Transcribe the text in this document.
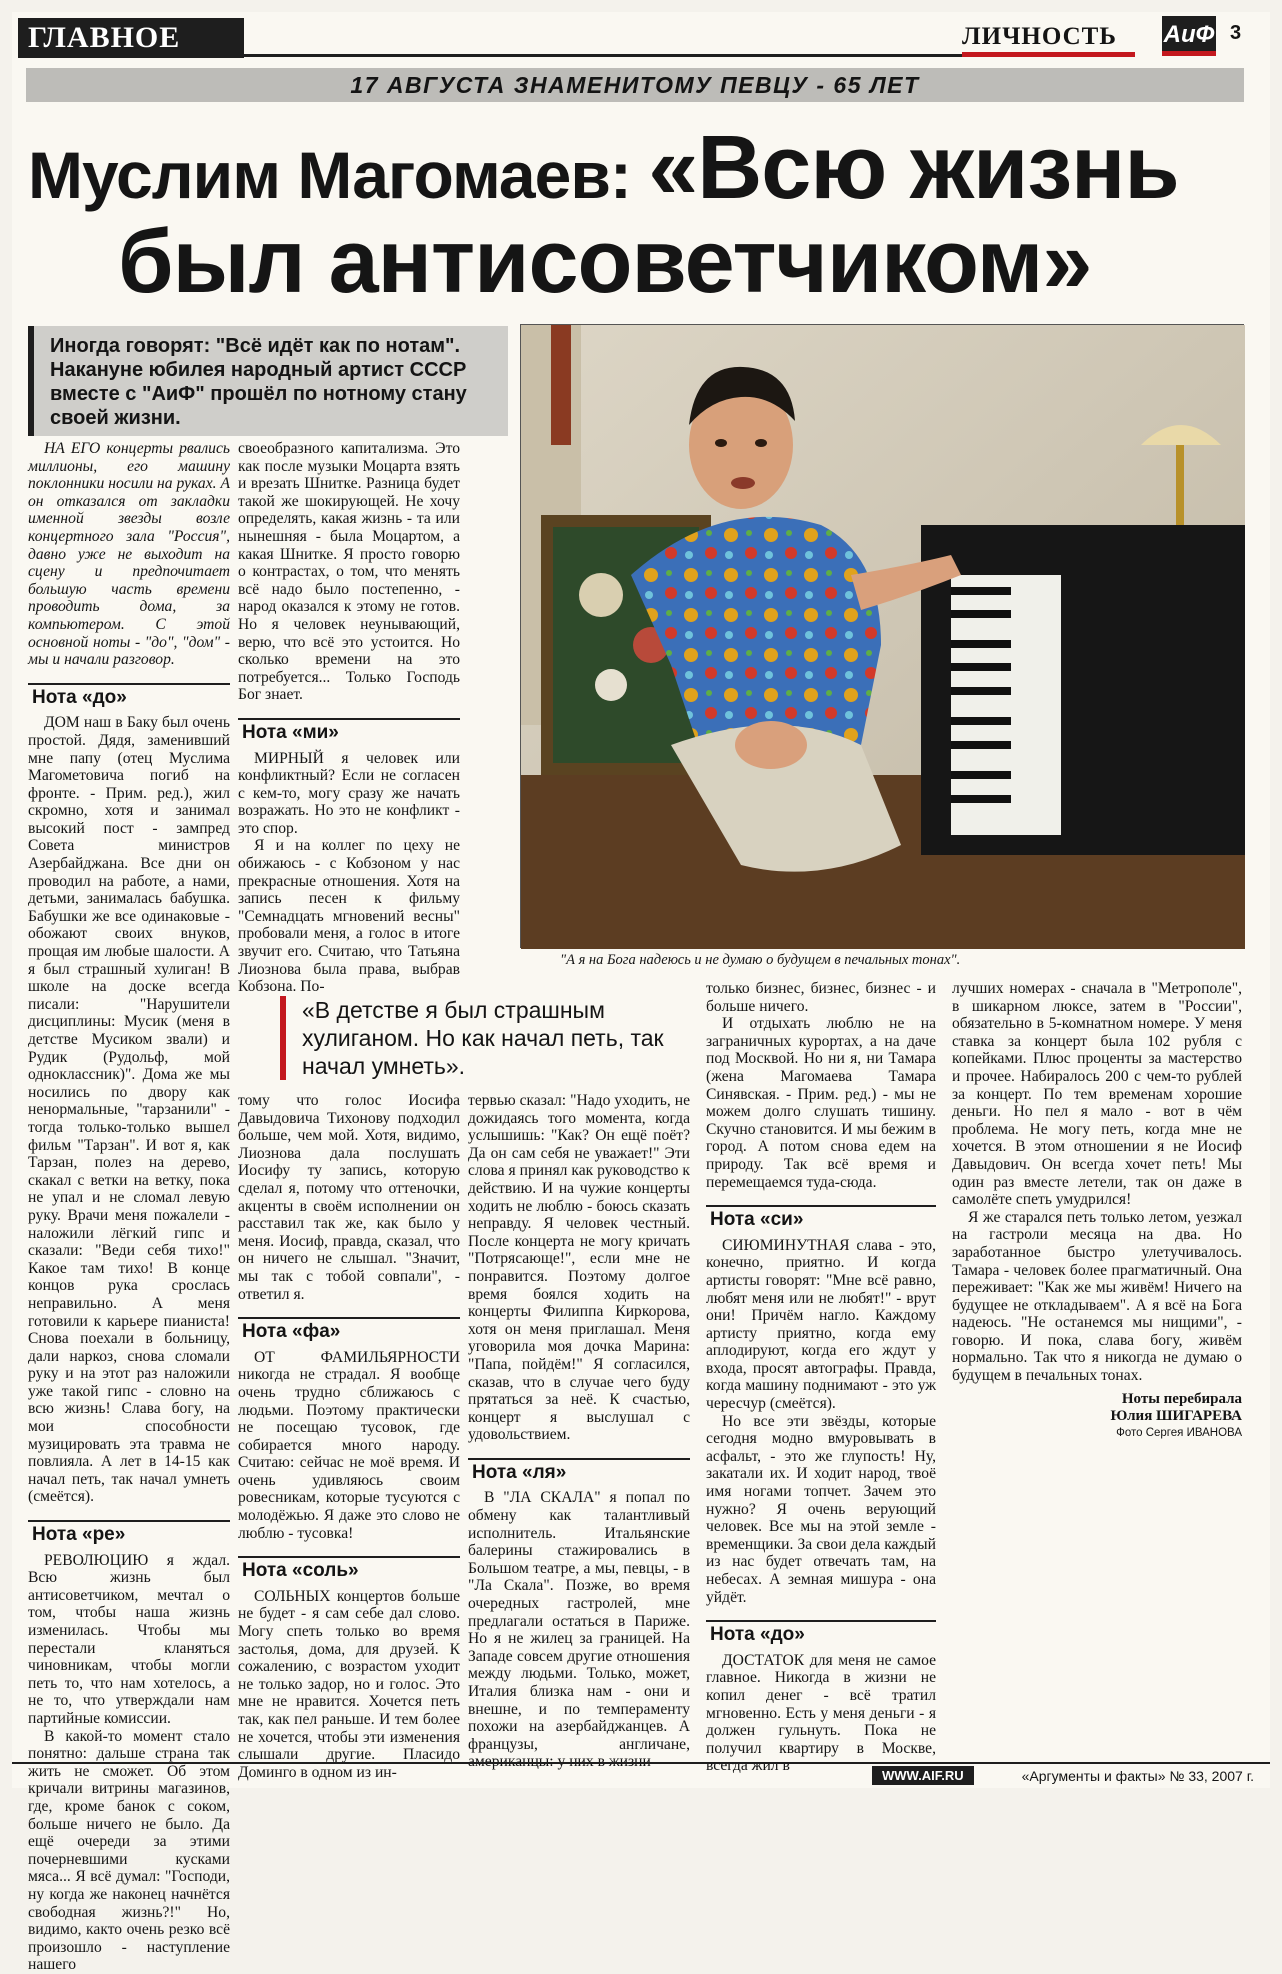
ГЛАВНОЕ	ЛИЧНОСТЬ	АиФ 3
17 АВГУСТА ЗНАМЕНИТОМУ ПЕВЦУ - 65 ЛЕТ
Муслим Магомаев: «Всю жизнь
был антисоветчиком»
Иногда говорят: "Всё идёт как по нотам". Накануне юбилея народный артист СССР вместе с "АиФ" прошёл по нотному стану своей жизни.
"А я на Бога надеюсь и не думаю о будущем в печальных тонах".

НА ЕГО концерты рвались миллионы, его машину поклонники носили на руках. А он отказался от закладки именной звезды возле концертного зала "Россия", давно уже не выходит на сцену и предпочитает большую часть времени проводить дома, за компьютером. С этой основной ноты - "до", "дом" - мы и начали разговор.

Нота «до»

ДОМ наш в Баку был очень простой. Дядя, заменивший мне папу (отец Муслима Магометовича погиб на фронте. - Прим. ред.), жил скромно, хотя и занимал высокий пост - зампред Совета министров Азербайджана. Все дни он проводил на работе, а нами, детьми, занималась бабушка. Бабушки же все одинаковые - обожают своих внуков, прощая им любые шалости. А я был страшный хулиган! В школе на доске всегда писали: "Нарушители дисциплины: Мусик (меня в детстве Мусиком звали) и Рудик (Рудольф, мой одноклассник)". Дома же мы носились по двору как ненормальные, "тарзанили" - тогда только-только вышел фильм "Тарзан". И вот я, как Тарзан, полез на дерево, скакал с ветки на ветку, пока не упал и не сломал левую руку. Врачи меня пожалели - наложили лёгкий гипс и сказали: "Веди себя тихо!" Какое там тихо! В конце концов рука срослась неправильно. А меня готовили к карьере пианиста! Снова поехали в больницу, дали наркоз, снова сломали руку и на этот раз наложили уже такой гипс - словно на всю жизнь! Слава богу, на мои способности музицировать эта травма не повлияла. А лет в 14-15 как начал петь, так начал умнеть (смеётся).

Нота «ре»

РЕВОЛЮЦИЮ я ждал. Всю жизнь был антисоветчиком, мечтал о том, чтобы наша жизнь изменилась. Чтобы мы перестали кланяться чиновникам, чтобы могли петь то, что нам хотелось, а не то, что утверждали нам партийные комиссии.

В какой-то момент стало понятно: дальше страна так жить не сможет. Об этом кричали витрины магазинов, где, кроме банок с соком, больше ничего не было. Да ещё очереди за этими почерневшими кусками мяса... Я всё думал: "Господи, ну когда же наконец начнётся свободная жизнь?!" Но, видимо, както очень резко всё произошло - наступление нашего

своеобразного капитализма. Это как после музыки Моцарта взять и врезать Шнитке. Разница будет такой же шокирующей. Не хочу определять, какая жизнь - та или нынешняя - была Моцартом, а какая Шнитке. Я просто говорю о контрастах, о том, что менять всё надо было постепенно, - народ оказался к этому не готов. Но я человек неунывающий, верю, что всё это устоится. Но сколько времени на это потребуется... Только Господь Бог знает.

Нота «ми»

МИРНЫЙ я человек или конфликтный? Если не согласен с кем-то, могу сразу же начать возражать. Но это не конфликт - это спор.

Я и на коллег по цеху не обижаюсь - с Кобзоном у нас прекрасные отношения. Хотя на запись песен к фильму "Семнадцать мгновений весны" пробовали меня, а голос в итоге звучит его. Считаю, что Татьяна Лиознова была права, выбрав Кобзона. По-

«В детстве я был страшным хулиганом. Но как начал петь, так начал умнеть».

тому что голос Иосифа Давыдовича Тихонову подходил больше, чем мой. Хотя, видимо, Лиознова дала послушать Иосифу ту запись, которую сделал я, потому что оттеночки, акценты в своём исполнении он расставил так же, как было у меня. Иосиф, правда, сказал, что он ничего не слышал. "Значит, мы так с тобой совпали", - ответил я.

Нота «фа»

ОТ ФАМИЛЬЯРНОСТИ никогда не страдал. Я вообще очень трудно сближаюсь с людьми. Поэтому практически не посещаю тусовок, где собирается много народу. Считаю: сейчас не моё время. И очень удивляюсь своим ровесникам, которые тусуются с молодёжью. Я даже это слово не люблю - тусовка!

Нота «соль»

СОЛЬНЫХ концертов больше не будет - я сам себе дал слово. Могу спеть только во время застолья, дома, для друзей. К сожалению, с возрастом уходит не только задор, но и голос. Это мне не нравится. Хочется петь так, как пел раньше. И тем более не хочется, чтобы эти изменения слышали другие. Пласидо Доминго в одном из ин-

тервью сказал: "Надо уходить, не дожидаясь того момента, когда услышишь: "Как? Он ещё поёт? Да он сам себя не уважает!" Эти слова я принял как руководство к действию. И на чужие концерты ходить не люблю - боюсь сказать неправду. Я человек честный. После концерта не могу кричать "Потрясающе!", если мне не понравится. Поэтому долгое время боялся ходить на концерты Филиппа Киркорова, хотя он меня приглашал. Меня уговорила моя дочка Марина: "Папа, пойдём!" Я согласился, сказав, что в случае чего буду прятаться за неё. К счастью, концерт я выслушал с удовольствием.

Нота «ля»

В "ЛА СКАЛА" я попал по обмену как талантливый исполнитель. Итальянские балерины стажировались в Большом театре, а мы, певцы, - в "Ла Скала". Позже, во время очередных гастролей, мне предлагали остаться в Париже. Но я не жилец за границей. На Западе совсем другие отношения между людьми. Только, может, Италия близка нам - они и внешне, и по темпераменту похожи на азербайджанцев. А французы, англичане, американцы: у них в жизни

только бизнес, бизнес, бизнес - и больше ничего.

И отдыхать люблю не на заграничных курортах, а на даче под Москвой. Но ни я, ни Тамара (жена Магомаева Тамара Синявская. - Прим. ред.) - мы не можем долго слушать тишину. Скучно становится. И мы бежим в город. А потом снова едем на природу. Так всё время и перемещаемся туда-сюда.

Нота «си»

СИЮМИНУТНАЯ слава - это, конечно, приятно. И когда артисты говорят: "Мне всё равно, любят меня или не любят!" - врут они! Причём нагло. Каждому артисту приятно, когда ему аплодируют, когда его ждут у входа, просят автографы. Правда, когда машину поднимают - это уж чересчур (смеётся).

Но все эти звёзды, которые сегодня модно вмуровывать в асфальт, - это же глупость! Ну, закатали их. И ходит народ, твоё имя ногами топчет. Зачем это нужно? Я очень верующий человек. Все мы на этой земле - временщики. За свои дела каждый из нас будет отвечать там, на небесах. А земная мишура - она уйдёт.

Нота «до»

ДОСТАТОК для меня не самое главное. Никогда в жизни не копил денег - всё тратил мгновенно. Есть у меня деньги - я должен гульнуть. Пока не получил квартиру в Москве, всегда жил в

лучших номерах - сначала в "Метрополе", в шикарном люксе, затем в "России", обязательно в 5-комнатном номере. У меня ставка за концерт была 102 рубля с копейками. Плюс проценты за мастерство и прочее. Набиралось 200 с чем-то рублей за концерт. По тем временам хорошие деньги. Но пел я мало - вот в чём проблема. Не могу петь, когда мне не хочется. В этом отношении я не Иосиф Давыдович. Он всегда хочет петь! Мы один раз вместе летели, так он даже в самолёте спеть умудрился!

Я же старался петь только летом, уезжал на гастроли месяца на два. Но заработанное быстро улетучивалось. Тамара - человек более прагматичный. Она переживает: "Как же мы живём! Ничего на будущее не откладываем". А я всё на Бога надеюсь. "Не останемся мы нищими", - говорю. И пока, слава богу, живём нормально. Так что я никогда не думаю о будущем в печальных тонах.

Ноты перебирала
Юлия ШИГАРЕВА
Фото Сергея ИВАНОВА
WWW.AIF.RU	«Аргументы и факты» № 33, 2007 г.
